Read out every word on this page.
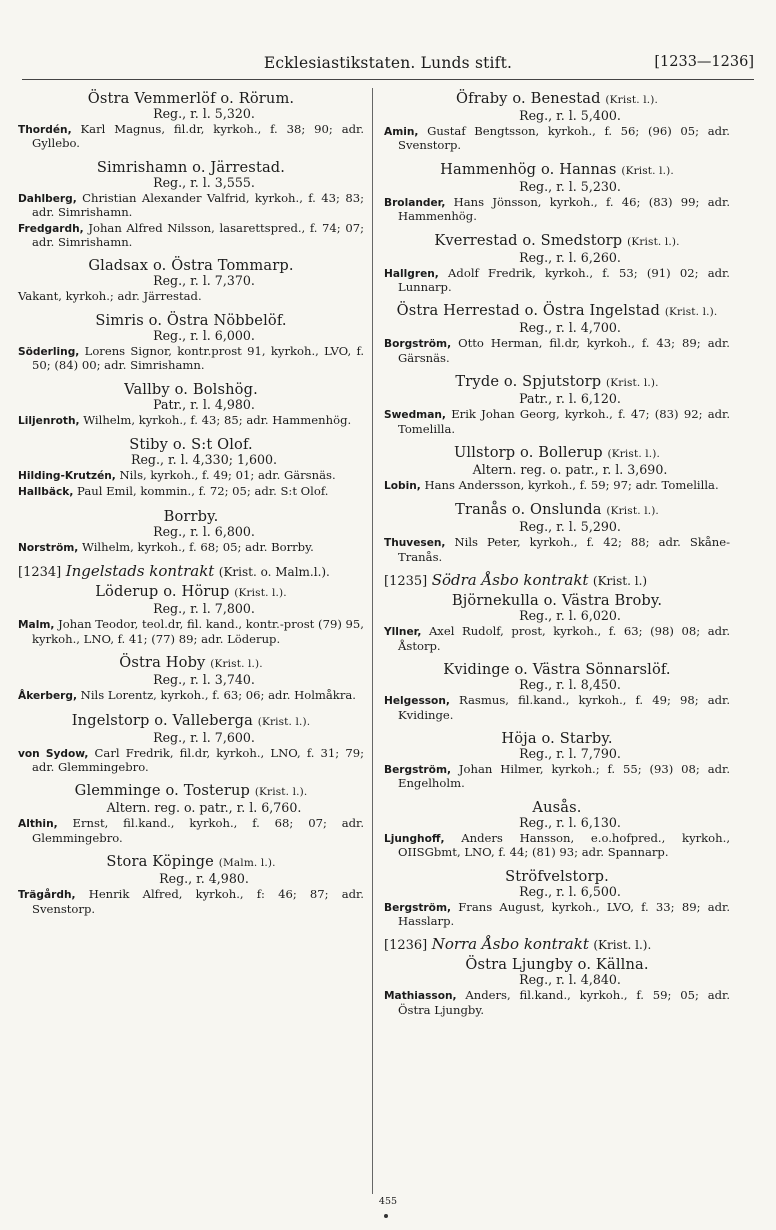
Ecklesiastikstaten. Lunds stift.	[1233—1236]
Östra Vemmerlöf o. Rörum.
Reg., r. l. 5,320.
Thordén, Karl Magnus, fil.dr, kyrkoh., f. 38; 90; adr. Gyllebo.
Simrishamn o. Järrestad.
Reg., r. l. 3,555.
Dahlberg, Christian Alexander Valfrid, kyrkoh., f. 43; 83; adr. Simrishamn.
Fredgardh, Johan Alfred Nilsson, lasarettspred., f. 74; 07; adr. Simrishamn.
Gladsax o. Östra Tommarp.
Reg., r. l. 7,370.
Vakant, kyrkoh.; adr. Järrestad.
Simris o. Östra Nöbbelöf.
Reg., r. l. 6,000.
Söderling, Lorens Signor, kontr.prost 91, kyrkoh., LVO, f. 50; (84) 00; adr. Simrishamn.
Vallby o. Bolshög.
Patr., r. l. 4,980.
Liljenroth, Wilhelm, kyrkoh., f. 43; 85; adr. Hammenhög.
Stiby o. S:t Olof.
Reg., r. l. 4,330; 1,600.
Hilding-Krutzén, Nils, kyrkoh., f. 49; 01; adr. Gärsnäs.
Hallbäck, Paul Emil, kommin., f. 72; 05; adr. S:t Olof.
Borrby.
Reg., r. l. 6,800.
Norström, Wilhelm, kyrkoh., f. 68; 05; adr. Borrby.
[1234] Ingelstads kontrakt (Krist. o. Malm.l.).
Löderup o. Hörup (Krist. l.).
Reg., r. l. 7,800.
Malm, Johan Teodor, teol.dr, fil. kand., kontr.-prost (79) 95, kyrkoh., LNO, f. 41; (77) 89; adr. Löderup.
Östra Hoby (Krist. l.).
Reg., r. l. 3,740.
Åkerberg, Nils Lorentz, kyrkoh., f. 63; 06; adr. Holmåkra.
Ingelstorp o. Valleberga (Krist. l.).
Reg., r. l. 7,600.
von Sydow, Carl Fredrik, fil.dr, kyrkoh., LNO, f. 31; 79; adr. Glemmingebro.
Glemminge o. Tosterup (Krist. l.).
Altern. reg. o. patr., r. l. 6,760.
Althin, Ernst, fil.kand., kyrkoh., f. 68; 07; adr. Glemmingebro.
Stora Köpinge (Malm. l.).
Reg., r. 4,980.
Trägårdh, Henrik Alfred, kyrkoh., f: 46; 87; adr. Svenstorp.
Öfraby o. Benestad (Krist. l.).
Reg., r. l. 5,400.
Amin, Gustaf Bengtsson, kyrkoh., f. 56; (96) 05; adr. Svenstorp.
Hammenhög o. Hannas (Krist. l.).
Reg., r. l. 5,230.
Brolander, Hans Jönsson, kyrkoh., f. 46; (83) 99; adr. Hammenhög.
Kverrestad o. Smedstorp (Krist. l.).
Reg., r. l. 6,260.
Hallgren, Adolf Fredrik, kyrkoh., f. 53; (91) 02; adr. Lunnarp.
Östra Herrestad o. Östra Ingelstad (Krist. l.).
Reg., r. l. 4,700.
Borgström, Otto Herman, fil.dr, kyrkoh., f. 43; 89; adr. Gärsnäs.
Tryde o. Spjutstorp (Krist. l.).
Patr., r. l. 6,120.
Swedman, Erik Johan Georg, kyrkoh., f. 47; (83) 92; adr. Tomelilla.
Ullstorp o. Bollerup (Krist. l.).
Altern. reg. o. patr., r. l. 3,690.
Lobin, Hans Andersson, kyrkoh., f. 59; 97; adr. Tomelilla.
Tranås o. Onslunda (Krist. l.).
Reg., r. l. 5,290.
Thuvesen, Nils Peter, kyrkoh., f. 42; 88; adr. Skåne-Tranås.
[1235] Södra Åsbo kontrakt (Krist. l.)
Björnekulla o. Västra Broby.
Reg., r. l. 6,020.
Yllner, Axel Rudolf, prost, kyrkoh., f. 63; (98) 08; adr. Åstorp.
Kvidinge o. Västra Sönnarslöf.
Reg., r. l. 8,450.
Helgesson, Rasmus, fil.kand., kyrkoh., f. 49; 98; adr. Kvidinge.
Höja o. Starby.
Reg., r. l. 7,790.
Bergström, Johan Hilmer, kyrkoh.; f. 55; (93) 08; adr. Engelholm.
Ausås.
Reg., r. l. 6,130.
Ljunghoff, Anders Hansson, e.o.hofpred., kyrkoh., OIISGbmt, LNO, f. 44; (81) 93; adr. Spannarp.
Ströfvelstorp.
Reg., r. l. 6,500.
Bergström, Frans August, kyrkoh., LVO, f. 33; 89; adr. Hasslarp.
[1236] Norra Åsbo kontrakt (Krist. l.).
Östra Ljungby o. Källna.
Reg., r. l. 4,840.
Mathiasson, Anders, fil.kand., kyrkoh., f. 59; 05; adr. Östra Ljungby.
455
